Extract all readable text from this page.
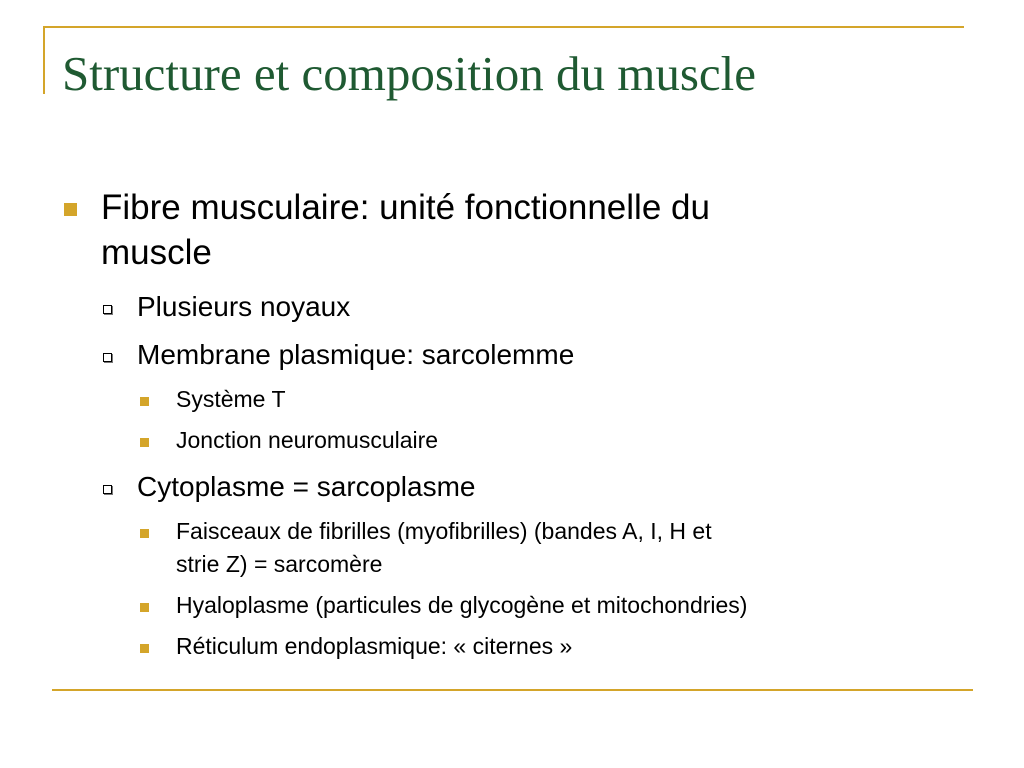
Structure et composition du muscle

Fibre musculaire: unité fonctionnelle du

muscle

Plusieurs noyaux

Membrane plasmique: sarcolemme

Système T

Jonction neuromusculaire

Cytoplasme = sarcoplasme

Faisceaux de fibrilles (myofibrilles) (bandes A, I, H et

strie Z) = sarcomère

Hyaloplasme (particules de glycogène et mitochondries)

Réticulum endoplasmique: « citernes »
